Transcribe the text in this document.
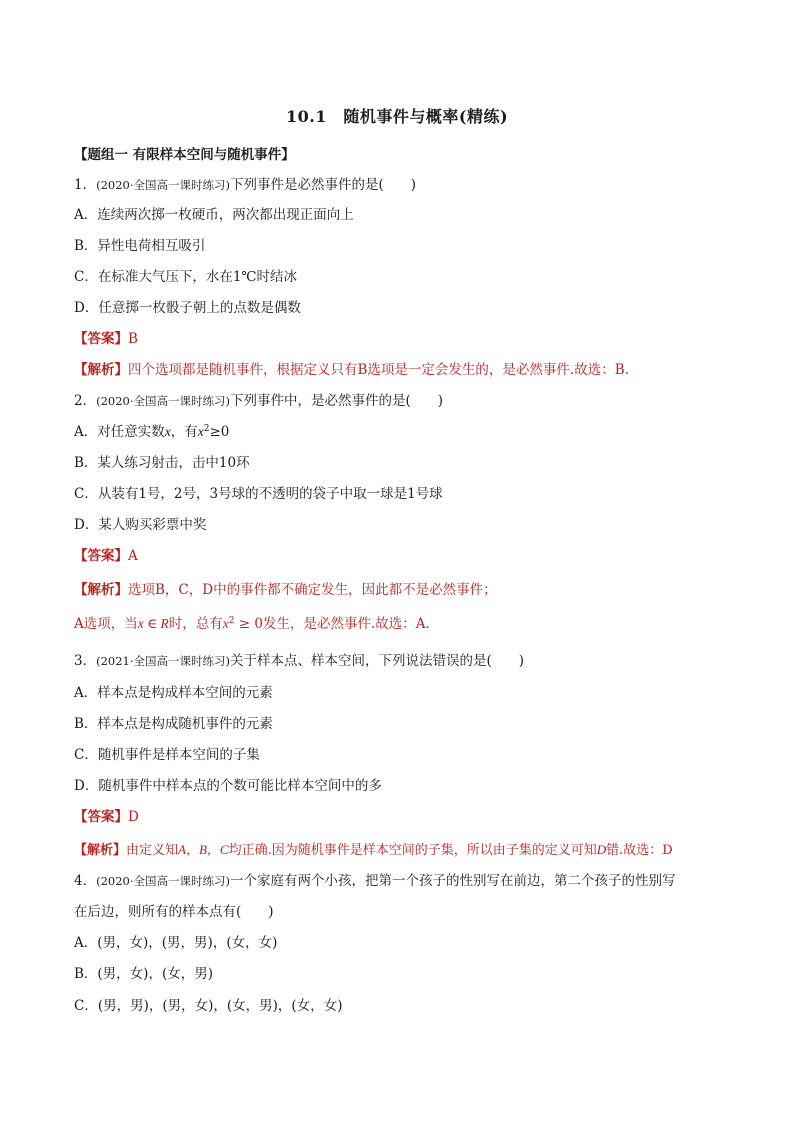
10.1　随机事件与概率(精练)
【题组一 有限样本空间与随机事件】
1．(2020·全国高一课时练习)下列事件是必然事件的是(　　)
A．连续两次掷一枚硬币，两次都出现正面向上
B．异性电荷相互吸引
C．在标准大气压下，水在1℃时结冰
D．任意掷一枚骰子朝上的点数是偶数
【答案】B
【解析】四个选项都是随机事件，根据定义只有B选项是一定会发生的，是必然事件.故选：B.
2．(2020·全国高一课时练习)下列事件中，是必然事件的是(　　)
A．对任意实数x，有$x^2\ge 0$
B．某人练习射击，击中10环
C．从装有1号，2号，3号球的不透明的袋子中取一球是1号球
D．某人购买彩票中奖
【答案】A
【解析】选项B，C，D中的事件都不确定发生，因此都不是必然事件；
A选项，当x ∈ R时，总有$x^2 \ge 0$发生，是必然事件.故选：A.
3．(2021·全国高一课时练习)关于样本点、样本空间，下列说法错误的是(　　)
A．样本点是构成样本空间的元素
B．样本点是构成随机事件的元素
C．随机事件是样本空间的子集
D．随机事件中样本点的个数可能比样本空间中的多
【答案】D
【解析】由定义知A，B，C均正确.因为随机事件是样本空间的子集，所以由子集的定义可知D错.故选：D
4．(2020·全国高一课时练习)一个家庭有两个小孩，把第一个孩子的性别写在前边，第二个孩子的性别写
在后边，则所有的样本点有(　　)
A．(男，女)，(男，男)，(女，女)
B．(男，女)，(女，男)
C．(男，男)，(男，女)，(女，男)，(女，女)
